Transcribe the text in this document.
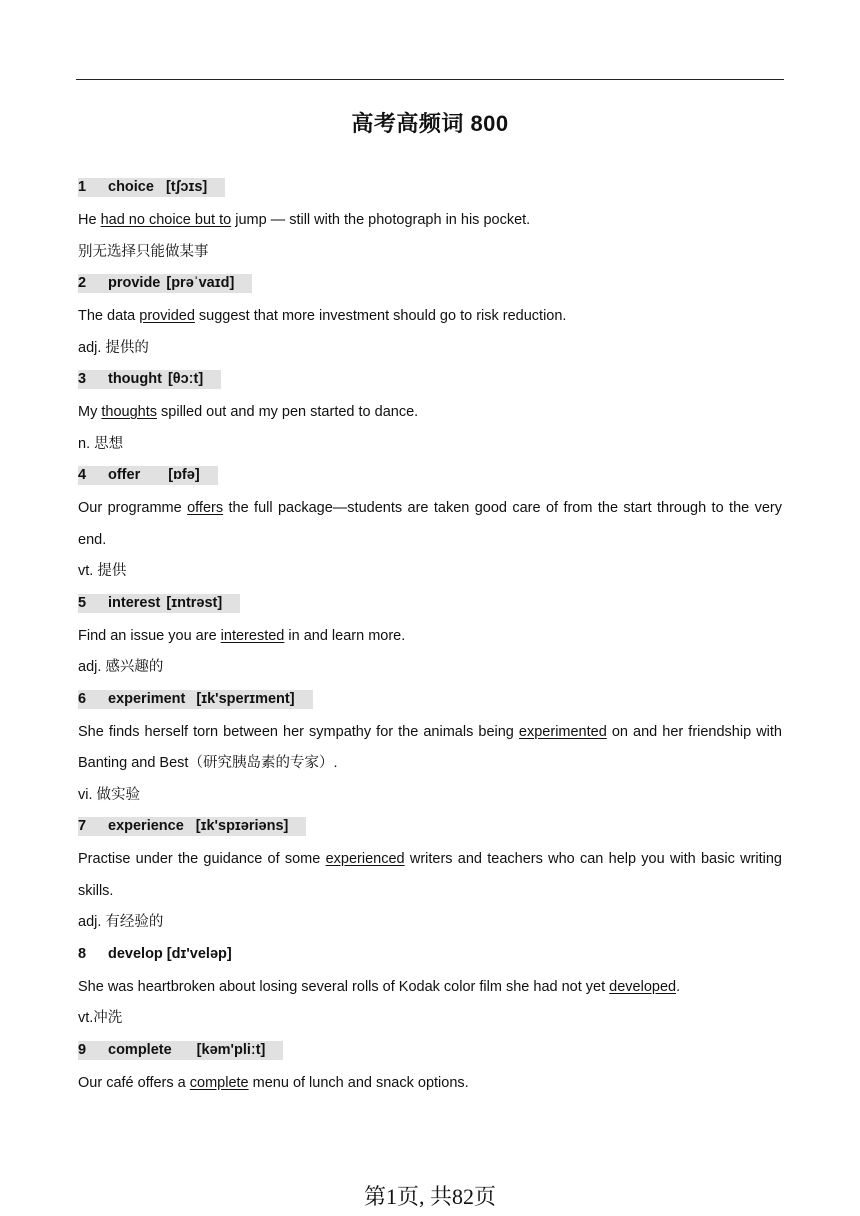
高考高频词 800
1 choice [tʃɔɪs]

He had no choice but to jump — still with the photograph in his pocket.

别无选择只能做某事

2 provide [prəˈvaɪd]

The data provided suggest that more investment should go to risk reduction.

adj. 提供的

3 thought [θɔːt]

My thoughts spilled out and my pen started to dance.

n. 思想

4 offer [ɒfə]

Our programme offers the full package—students are taken good care of from the start through to the very end.

vt. 提供

5 interest [ɪntrəst]

Find an issue you are interested in and learn more.

adj. 感兴趣的

6 experiment [ɪk'sperɪment]

She finds herself torn between her sympathy for the animals being experimented on and her friendship with Banting and Best（研究胰岛素的专家）.

vi. 做实验

7 experience [ɪk'spɪəriəns]

Practise under the guidance of some experienced writers and teachers who can help you with basic writing skills.

adj. 有经验的

8 develop [dɪ'veləp]

She was heartbroken about losing several rolls of Kodak color film she had not yet developed.

vt.冲洗

9 complete [kəm'pliːt]

Our café offers a complete menu of lunch and snack options.

第1页, 共82页
